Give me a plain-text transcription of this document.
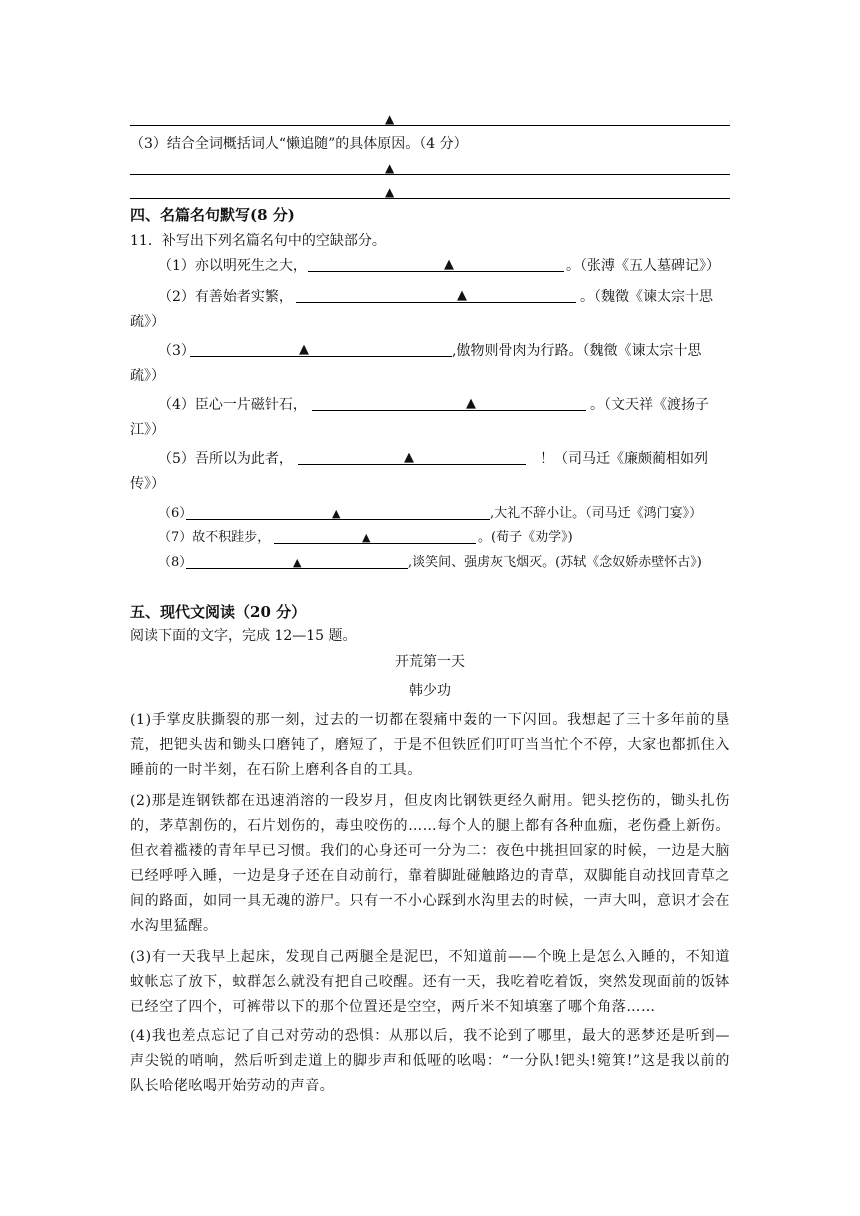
▲
（3）结合全词概括词人“懒追随”的具体原因。（4 分）
▲
▲
四、名篇名句默写(8 分)
11．补写出下列名篇名句中的空缺部分。
（1）亦以明死生之大，	▲	。（张溥《五人墓碑记》）
（2）有善始者实繁，	▲	。（魏徵《谏太宗十思
疏》）
（3）	▲	,傲物则骨肉为行路。（魏徵《谏太宗十思
疏》）
（4）臣心一片磁针石，	▲	。（文天祥《渡扬子
江》）
（5）吾所以为此者，	▲	！（司马迁《廉颇蔺相如列
传》）
（6）	▲	,大礼不辞小让。（司马迁《鸿门宴》）
（7）故不积跬步，	▲	。(荀子《劝学》)
（8）	▲	,谈笑间、强虏灰飞烟灭。(苏轼《念奴娇赤壁怀古》)
五、现代文阅读（20 分）
阅读下面的文字，完成 12—15 题。
开荒第一天
韩少功
(1)手掌皮肤撕裂的那一刻，过去的一切都在裂痛中轰的一下闪回。我想起了三十多年前的垦荒，把钯头齿和锄头口磨钝了，磨短了，于是不但铁匠们叮叮当当忙个不停，大家也都抓住入睡前的一时半刻，在石阶上磨利各自的工具。
(2)那是连钢铁都在迅速消溶的一段岁月，但皮肉比钢铁更经久耐用。钯头挖伤的，锄头扎伤的，茅草割伤的，石片划伤的，毒虫咬伤的……每个人的腿上都有各种血痂，老伤叠上新伤。但衣着褴褛的青年早已习惯。我们的心身还可一分为二：夜色中挑担回家的时候，一边是大脑已经呼呼入睡，一边是身子还在自动前行，靠着脚趾碰触路边的青草，双脚能自动找回青草之间的路面，如同一具无魂的游尸。只有一不小心踩到水沟里去的时候，一声大叫，意识才会在水沟里猛醒。
(3)有一天我早上起床，发现自己两腿全是泥巴，不知道前——个晚上是怎么入睡的，不知道蚊帐忘了放下，蚊群怎么就没有把自己咬醒。还有一天，我吃着吃着饭，突然发现面前的饭钵已经空了四个，可裤带以下的那个位置还是空空，两斤米不知填塞了哪个角落……
(4)我也差点忘记了自己对劳动的恐惧：从那以后，我不论到了哪里，最大的恶梦还是听到—声尖锐的哨响，然后听到走道上的脚步声和低哑的吆喝：“一分队!钯头!箢箕!”这是我以前的队长哈佬吆喝开始劳动的声音。
